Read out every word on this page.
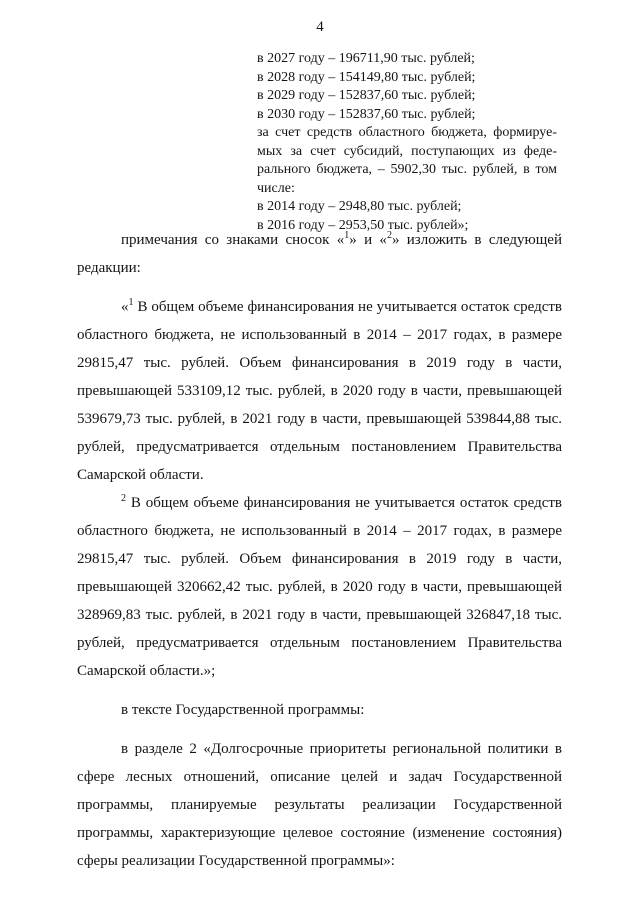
4
в 2027 году – 196711,90 тыс. рублей;
в 2028 году – 154149,80 тыс. рублей;
в 2029 году – 152837,60 тыс. рублей;
в 2030 году – 152837,60 тыс. рублей;
за счет средств областного бюджета, формируе-
мых за счет субсидий, поступающих из феде-
рального бюджета, – 5902,30 тыс. рублей, в том
числе:
в 2014 году – 2948,80 тыс. рублей;
в 2016 году – 2953,50 тыс. рублей»;

примечания со знаками сносок «$^1$» и «$^2$» изложить в следующей редакции:

«$^1$ В общем объеме финансирования не учитывается остаток средств областного бюджета, не использованный в 2014 – 2017 годах, в размере 29815,47 тыс. рублей. Объем финансирования в 2019 году в части, превышающей 533109,12 тыс. рублей, в 2020 году в части, превышающей 539679,73 тыс. рублей, в 2021 году в части, превышающей 539844,88 тыс. рублей, предусматривается отдельным постановлением Правительства Самарской области.

$^2$ В общем объеме финансирования не учитывается остаток средств областного бюджета, не использованный в 2014 – 2017 годах, в размере 29815,47 тыс. рублей. Объем финансирования в 2019 году в части, превышающей 320662,42 тыс. рублей, в 2020 году в части, превышающей 328969,83 тыс. рублей, в 2021 году в части, превышающей 326847,18 тыс. рублей, предусматривается отдельным постановлением Правительства Самарской области.»;

в тексте Государственной программы:

в разделе 2 «Долгосрочные приоритеты региональной политики в сфере лесных отношений, описание целей и задач Государственной программы, планируемые результаты реализации Государственной программы, характеризующие целевое состояние (изменение состояния) сферы реализации Государственной программы»:
